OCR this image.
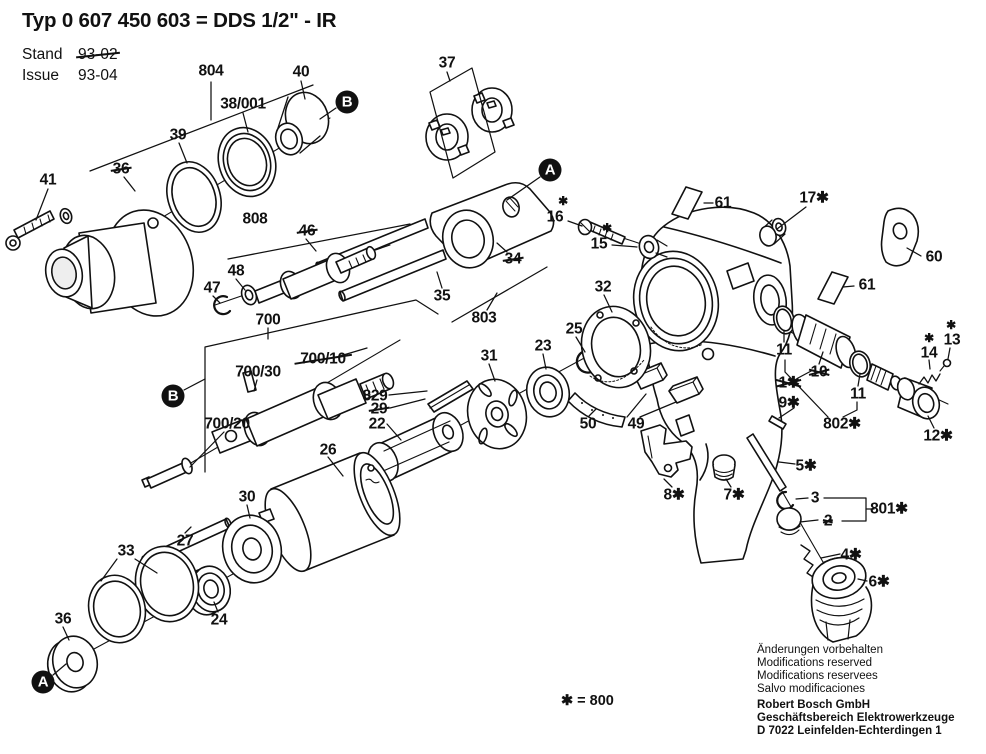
804
38/001
40
B
37
A
✱
16
✱
15
61	17✱
60
61
41
36
39
808
46
48
47
34
35
803
32
25
700
700/10
700/30
700/20
31
23
829
29
22	50 49
B
11
10
11
✱
14
✱
13
12✱
802✱
1✱
9✱
5✱
8✱	7✱	3
2
801✱
4✱
6✱
26
27
30
33
24
36
A
Typ 0 607 450 603 = DDS 1/2" - IR
Stand 93-02
Issue	93-04
✱ = 800
Änderungen vorbehalten
Modifications reserved
Modifications reservees
Salvo modificaciones
Robert Bosch GmbH
Geschäftsbereich Elektrowerkzeuge
D 7022 Leinfelden-Echterdingen 1
